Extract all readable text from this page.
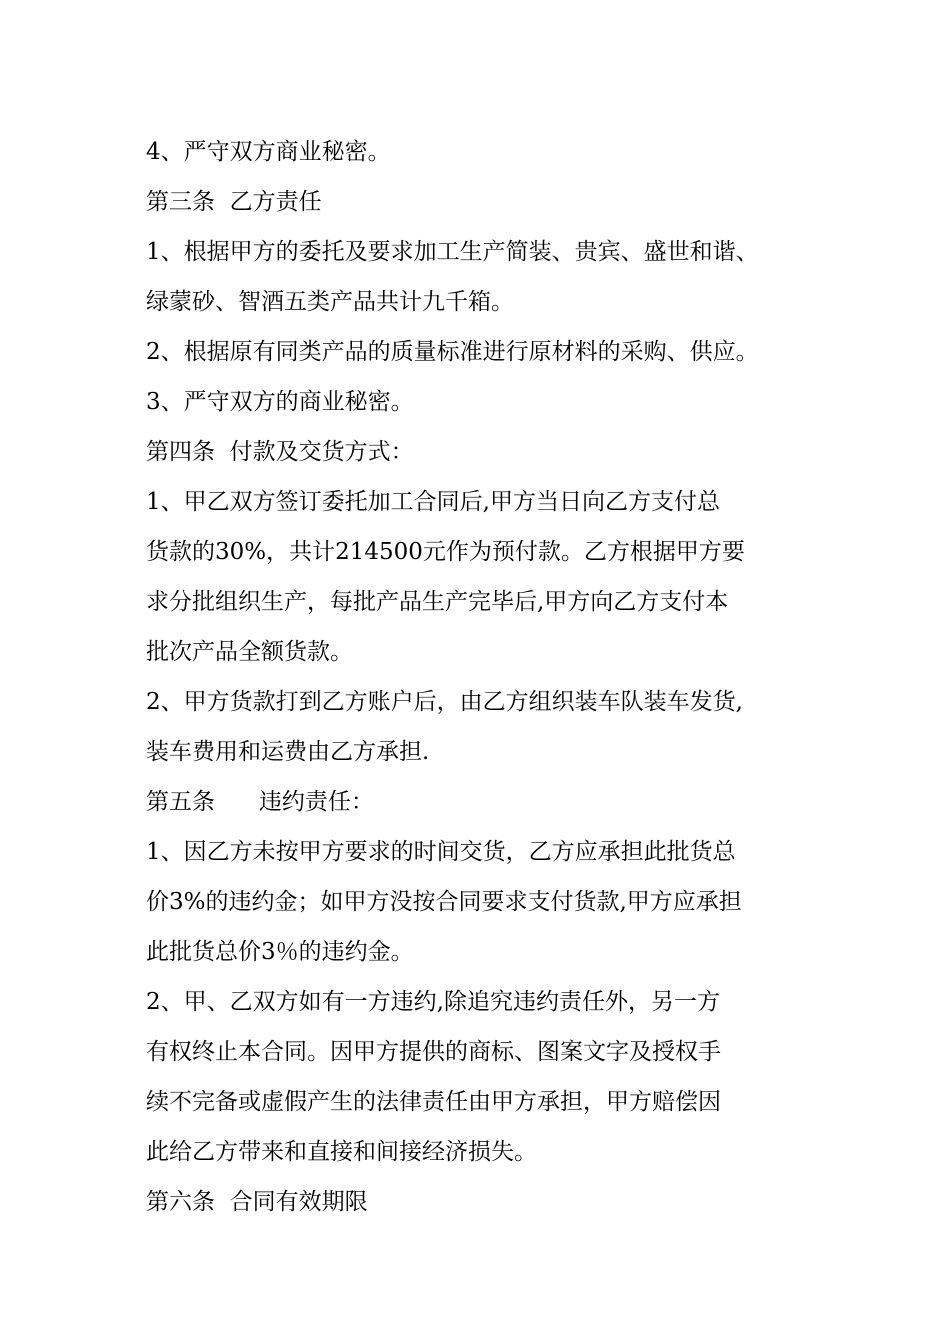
4、严守双方商业秘密。
第三条  乙方责任
1、根据甲方的委托及要求加工生产简装、贵宾、盛世和谐、
绿蒙砂、智酒五类产品共计九千箱。
2、根据原有同类产品的质量标准进行原材料的采购、供应。
3、严守双方的商业秘密。
第四条  付款及交货方式：
1、甲乙双方签订委托加工合同后,甲方当日向乙方支付总
货款的30%，共计214500元作为预付款。乙方根据甲方要
求分批组织生产，每批产品生产完毕后,甲方向乙方支付本
批次产品全额货款。
2、甲方货款打到乙方账户后，由乙方组织装车队装车发货,
装车费用和运费由乙方承担.
第五条      违约责任：
1、因乙方未按甲方要求的时间交货，乙方应承担此批货总
价3%的违约金；如甲方没按合同要求支付货款,甲方应承担
此批货总价3％的违约金。
2、甲、乙双方如有一方违约,除追究违约责任外，另一方
有权终止本合同。因甲方提供的商标、图案文字及授权手
续不完备或虚假产生的法律责任由甲方承担，甲方赔偿因
此给乙方带来和直接和间接经济损失。
第六条  合同有效期限
